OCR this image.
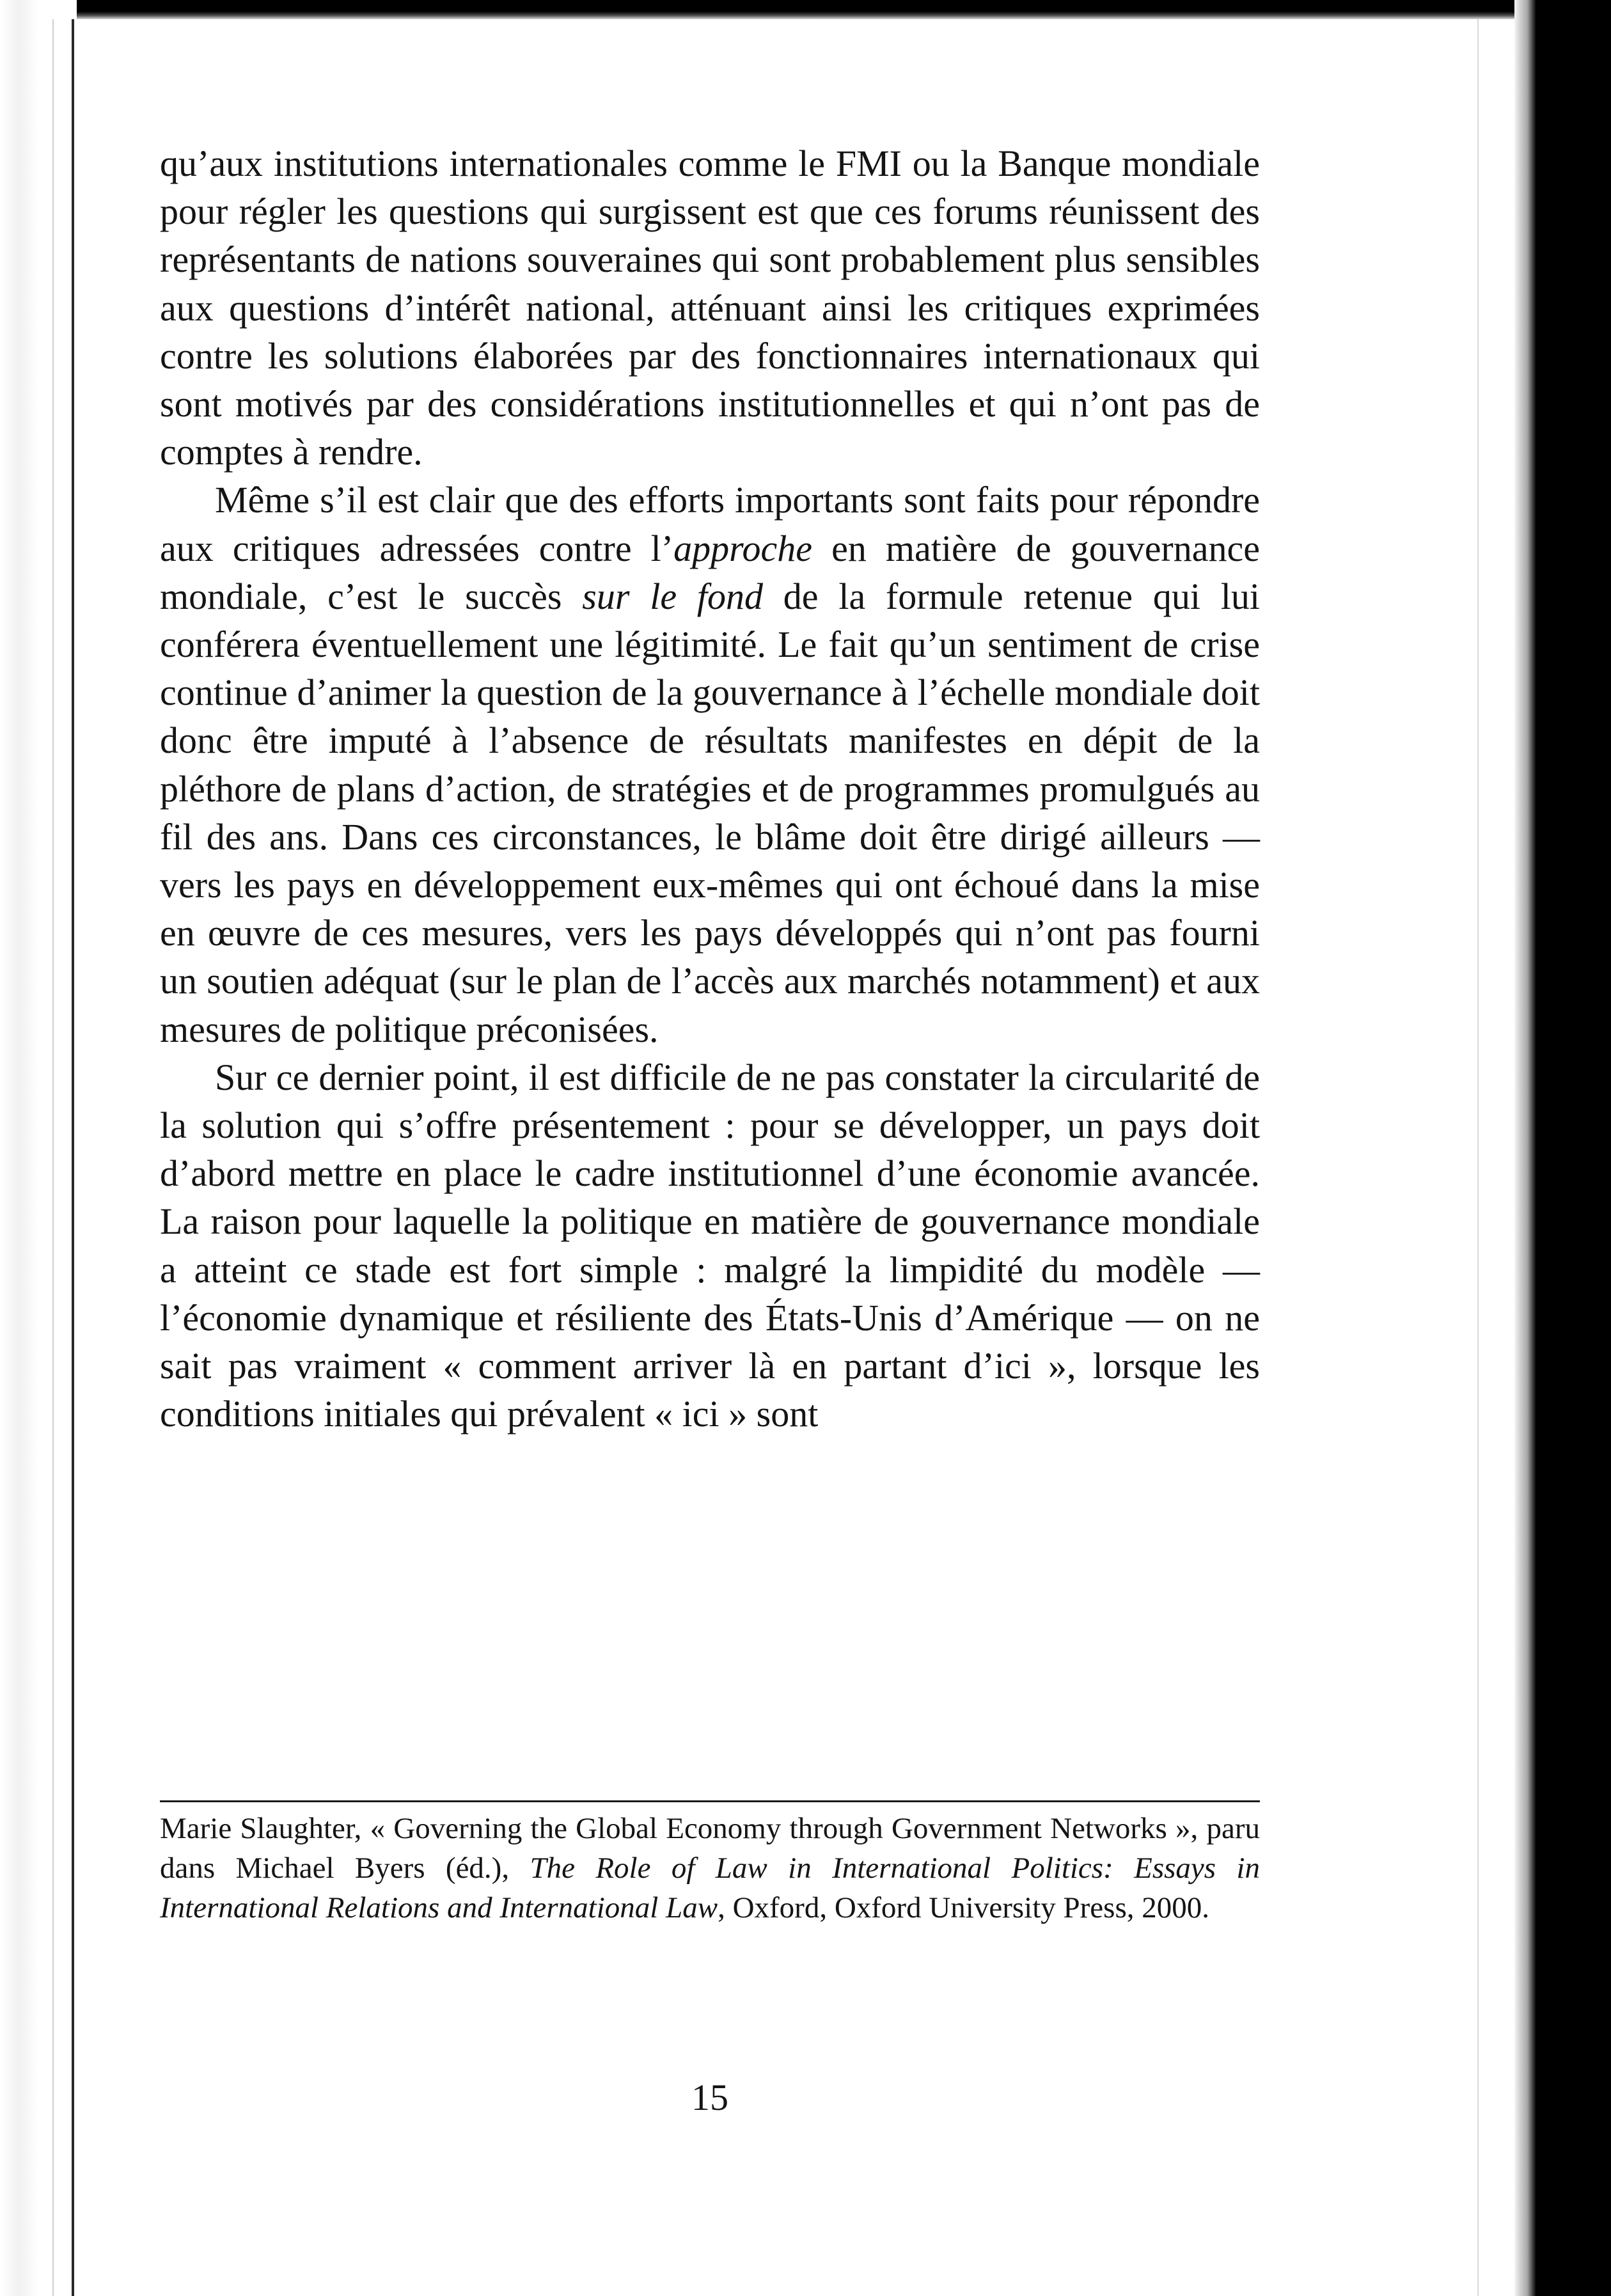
qu’aux institutions internationales comme le FMI ou la Banque mondiale pour régler les questions qui surgissent est que ces forums réunissent des représentants de nations souveraines qui sont probablement plus sensibles aux questions d’intérêt national, atténuant ainsi les critiques exprimées contre les solutions élaborées par des fonctionnaires internationaux qui sont motivés par des considérations institutionnelles et qui n’ont pas de comptes à rendre.

Même s’il est clair que des efforts importants sont faits pour répondre aux critiques adressées contre l’approche en matière de gouvernance mondiale, c’est le succès sur le fond de la formule retenue qui lui conférera éventuellement une légitimité. Le fait qu’un sentiment de crise continue d’animer la question de la gouvernance à l’échelle mondiale doit donc être imputé à l’absence de résultats manifestes en dépit de la pléthore de plans d’action, de stratégies et de programmes promulgués au fil des ans. Dans ces circonstances, le blâme doit être dirigé ailleurs — vers les pays en développement eux-mêmes qui ont échoué dans la mise en œuvre de ces mesures, vers les pays développés qui n’ont pas fourni un soutien adéquat (sur le plan de l’accès aux marchés notamment) et aux mesures de politique préconisées.

Sur ce dernier point, il est difficile de ne pas constater la circularité de la solution qui s’offre présentement : pour se développer, un pays doit d’abord mettre en place le cadre institutionnel d’une économie avancée. La raison pour laquelle la politique en matière de gouvernance mondiale a atteint ce stade est fort simple : malgré la limpidité du modèle — l’économie dynamique et résiliente des États-Unis d’Amérique — on ne sait pas vraiment « comment arriver là en partant d’ici », lorsque les conditions initiales qui prévalent « ici » sont

Marie Slaughter, « Governing the Global Economy through Government Networks », paru dans Michael Byers (éd.), The Role of Law in International Politics: Essays in International Relations and International Law, Oxford, Oxford University Press, 2000.

15
